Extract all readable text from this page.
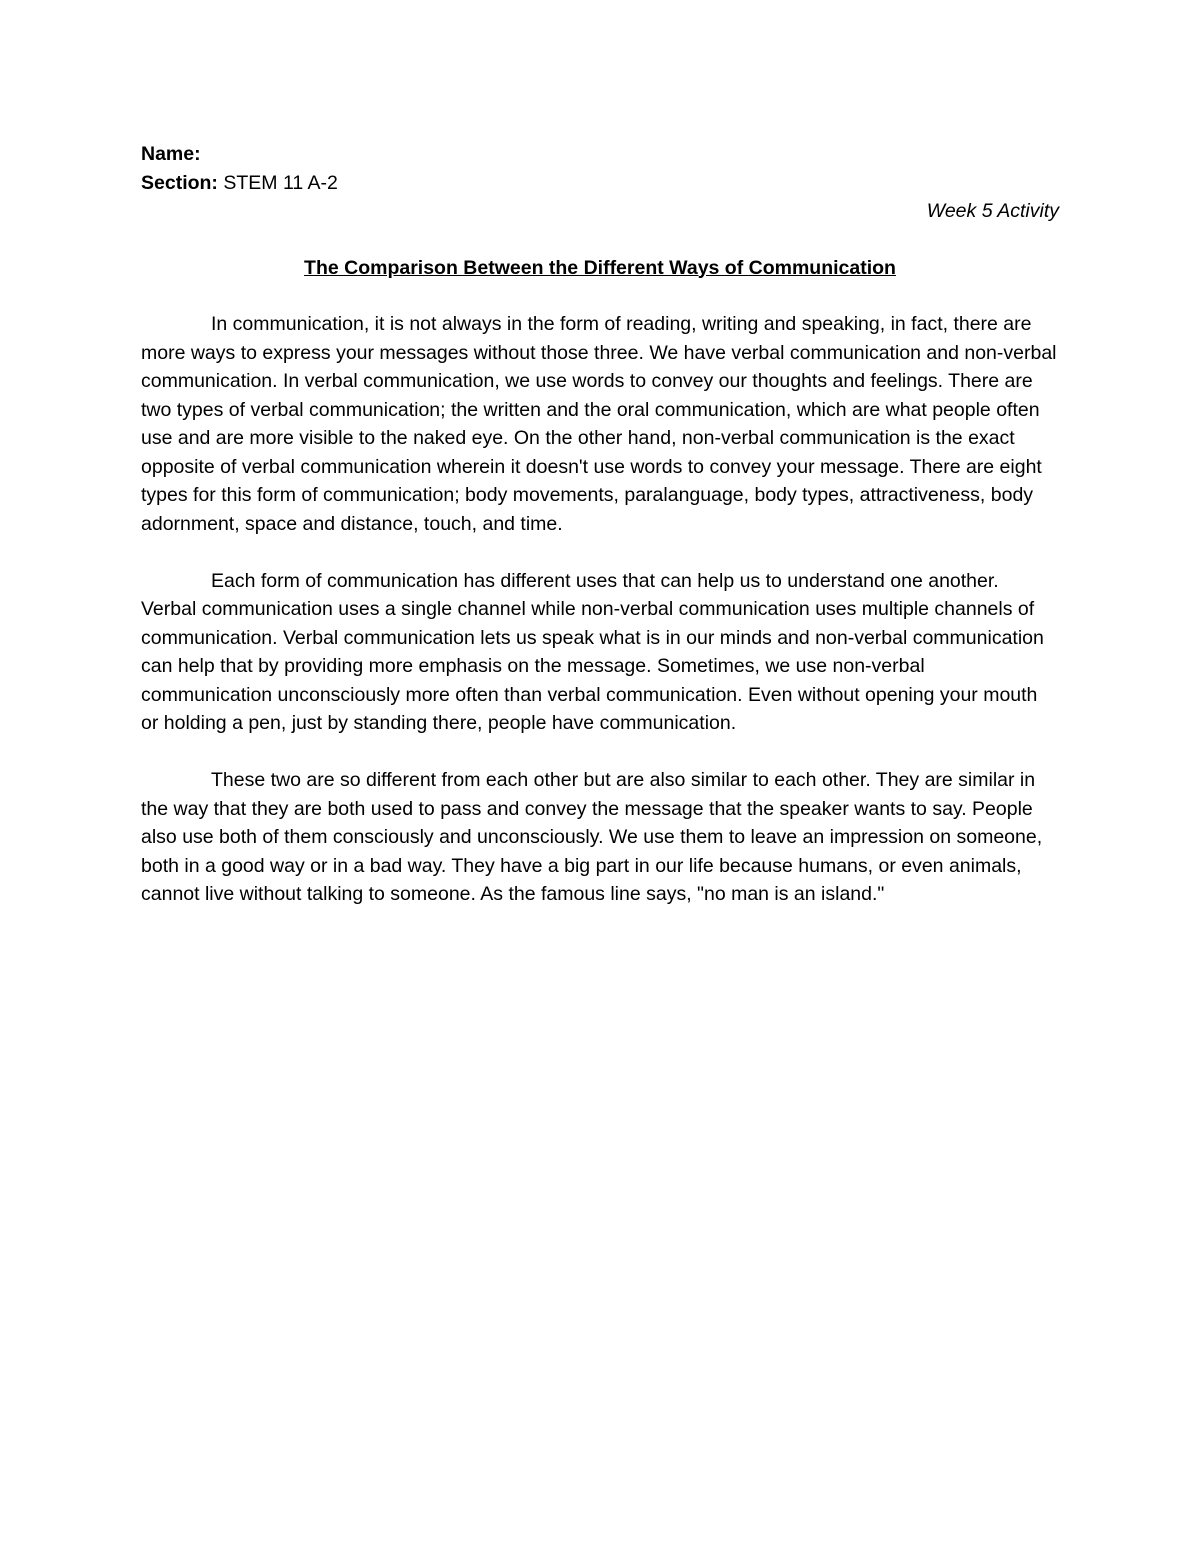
Name:

Section: STEM 11 A-2

Week 5 Activity

The Comparison Between the Different Ways of Communication

In communication, it is not always in the form of reading, writing and speaking, in fact, there are more ways to express your messages without those three. We have verbal communication and non-verbal communication. In verbal communication, we use words to convey our thoughts and feelings. There are two types of verbal communication; the written and the oral communication, which are what people often use and are more visible to the naked eye. On the other hand, non-verbal communication is the exact opposite of verbal communication wherein it doesn't use words to convey your message. There are eight types for this form of communication; body movements, paralanguage, body types, attractiveness, body adornment, space and distance, touch, and time.

Each form of communication has different uses that can help us to understand one another. Verbal communication uses a single channel while non-verbal communication uses multiple channels of communication. Verbal communication lets us speak what is in our minds and non-verbal communication can help that by providing more emphasis on the message. Sometimes, we use non-verbal communication unconsciously more often than verbal communication. Even without opening your mouth or holding a pen, just by standing there, people have communication.

These two are so different from each other but are also similar to each other. They are similar in the way that they are both used to pass and convey the message that the speaker wants to say. People also use both of them consciously and unconsciously. We use them to leave an impression on someone, both in a good way or in a bad way. They have a big part in our life because humans, or even animals, cannot live without talking to someone. As the famous line says, "no man is an island."
